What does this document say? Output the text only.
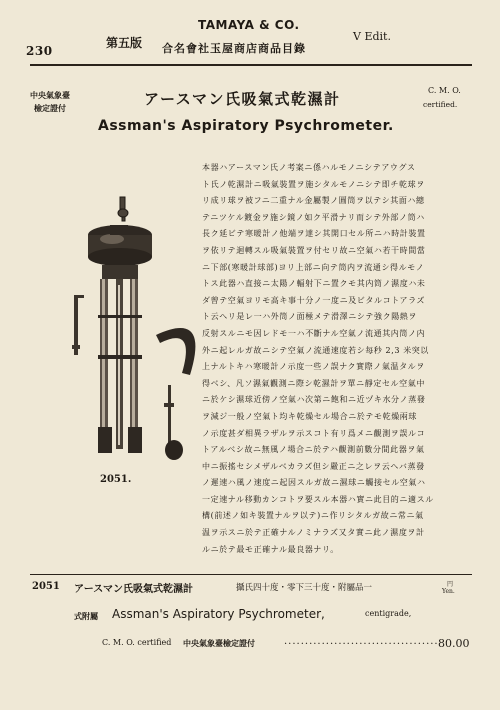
230
第五版
TAMAYA & CO.
合名會社玉屋商店商品目錄
V Edit.
中央氣象臺
檢定證付	アースマン氏吸氣式乾濕計
Assman's Aspiratory Psychrometer.
C. M. O.
certified.
2051.
本器ハアースマン氏ノ考案ニ係ハルモノニシテアウグス
ト氏ノ乾濕計ニ吸氣裝置ヲ施シタルモノニシテ即チ乾球ヲ
リ成リ球ヲ被フニ二重ナル金屬製ノ圓筒ヲ以テシ其面ハ總
テニツケル鍍金ヲ施シ鏡ノ如ク平滑ナリ而シテ外部ノ筒ハ
長ク延ビテ寒暖計ノ他端ヲ達シ其開口セル所ニハ時計裝置
ヲ依リテ迴轉スル吸氣裝置ヲ付セリ故ニ空氣ハ若干時間當
ニ下部(寒暖計球部)ヨリ上部ニ向テ筒内ヲ流通シ得ルモノ
トス此器ハ直接ニ太陽ノ輻射下ニ置クモ其内筒ノ濕度ハ未
ダ曾テ空氣ヨリモ高キ事十分ノ一度ニ及ビタルコトアラズ
ト云ヘリ是レ一ハ外筒ノ面極メテ滑澤ニシテ強ク陽熱ヲ
反射スルニモ因レドモ一ハ不斷ナル空氣ノ流通其内筒ノ内
外ニ起レルガ故ニシテ空氣ノ流通速度若シ每秒 2,3 米突以
上ナルトキハ寒暖計ノ示度一些ノ誤ナク實際ノ氣温タルヲ
得ベシ、凡ソ濕氣觀測ニ際シ乾濕計ヲ單ニ靜定セル空氣中
ニ於ケシ濕球近傍ノ空氣ハ次第ニ飽和ニ近ヅキ水分ノ蒸發
ヲ減ジ一般ノ空氣ト均キ乾燥セル場合ニ於テモ乾燥兩球
ノ示度甚ダ相異ラザルヲ示スコト有リ爲メニ觀測ヲ誤ルコ
トアルベシ故ニ無風ノ場合ニ於テハ觀測前數分間此器ヲ氣
中ニ振搖セシメザルベカラズ但シ嚴正ニ之レヲ云ヘバ蒸發
ノ遲速ハ風ノ速度ニ起因スルガ故ニ濕球ニ觸接セル空氣ハ
一定速ナル移動カンコトヲ要スル本器ハ實ニ此目的ニ適スル
構(前述ノ如キ裝置ナルヲ以テ)ニ作リシタルガ故ニ常ニ氣
温ヲ示スニ於テ正確ナルノミナラズ又タ實ニ此ノ濕度ヲ計
ルニ於テ最モ正確ナル最良器ナリ。
2051 アースマン氏吸氣式乾濕計	攝氏四十度・零下三十度・附屬品一	円
Yen.
式附屬 Assman's Aspiratory Psychrometer,	centigrade,
C. M. O. certified 中央氣象臺檢定證付	..................................... 80.00
